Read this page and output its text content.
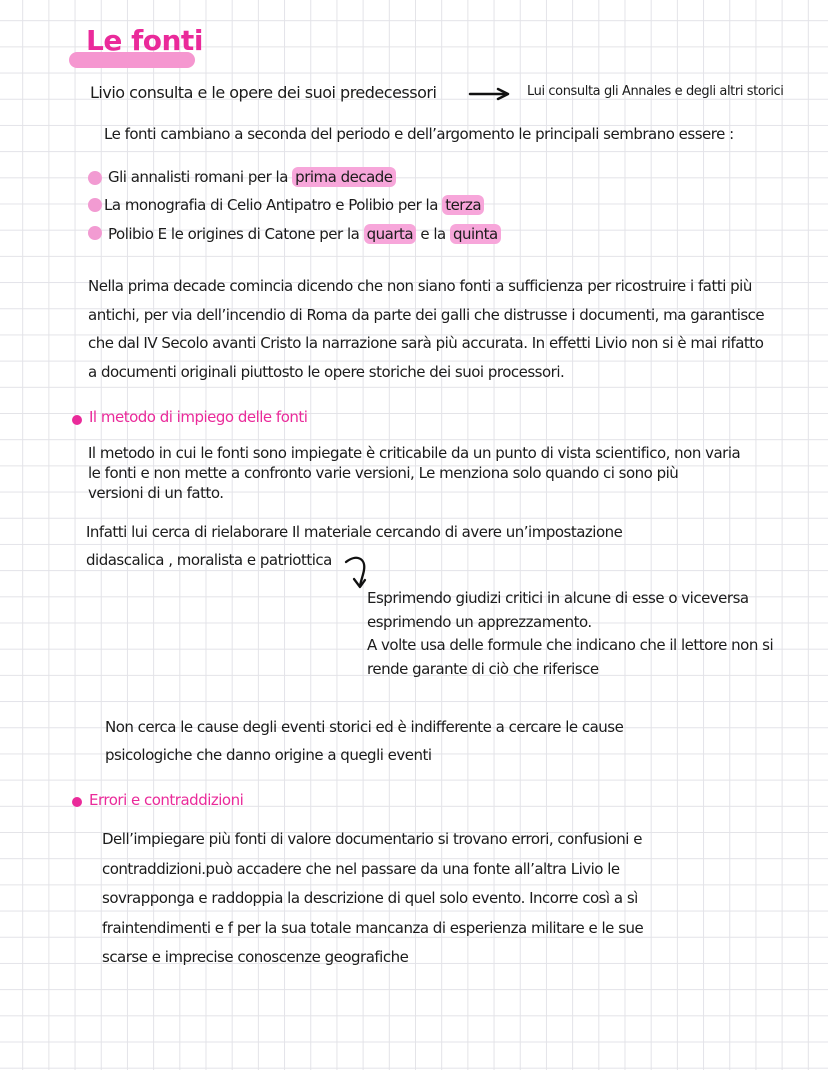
Le fonti
Livio consulta e le opere dei suoi predecessori	Lui consulta gli Annales e degli altri storici
Le fonti cambiano a seconda del periodo e dell’argomento le principali sembrano essere :
Gli annalisti romani per la prima decade
La monografia di Celio Antipatro e Polibio per la terza
Polibio E le origines di Catone per la quarta e la quinta
Nella prima decade comincia dicendo che non siano fonti a sufficienza per ricostruire i fatti più
antichi, per via dell’incendio di Roma da parte dei galli che distrusse i documenti, ma garantisce
che dal IV Secolo avanti Cristo la narrazione sarà più accurata. In effetti Livio non si è mai rifatto
a documenti originali piuttosto le opere storiche dei suoi processori.
Il metodo di impiego delle fonti
Il metodo in cui le fonti sono impiegate è criticabile da un punto di vista scientifico, non varia
le fonti e non mette a confronto varie versioni, Le menziona solo quando ci sono più
versioni di un fatto.
Infatti lui cerca di rielaborare Il materiale cercando di avere un’impostazione
didascalica , moralista e patriottica
Esprimendo giudizi critici in alcune di esse o viceversa
esprimendo un apprezzamento.
A volte usa delle formule che indicano che il lettore non si
rende garante di ciò che riferisce
Non cerca le cause degli eventi storici ed è indifferente a cercare le cause
psicologiche che danno origine a quegli eventi
Errori e contraddizioni
Dell’impiegare più fonti di valore documentario si trovano errori, confusioni e
contraddizioni.può accadere che nel passare da una fonte all’altra Livio le
sovrapponga e raddoppia la descrizione di quel solo evento. Incorre così a sì
fraintendimenti e f per la sua totale mancanza di esperienza militare e le sue
scarse e imprecise conoscenze geografiche
